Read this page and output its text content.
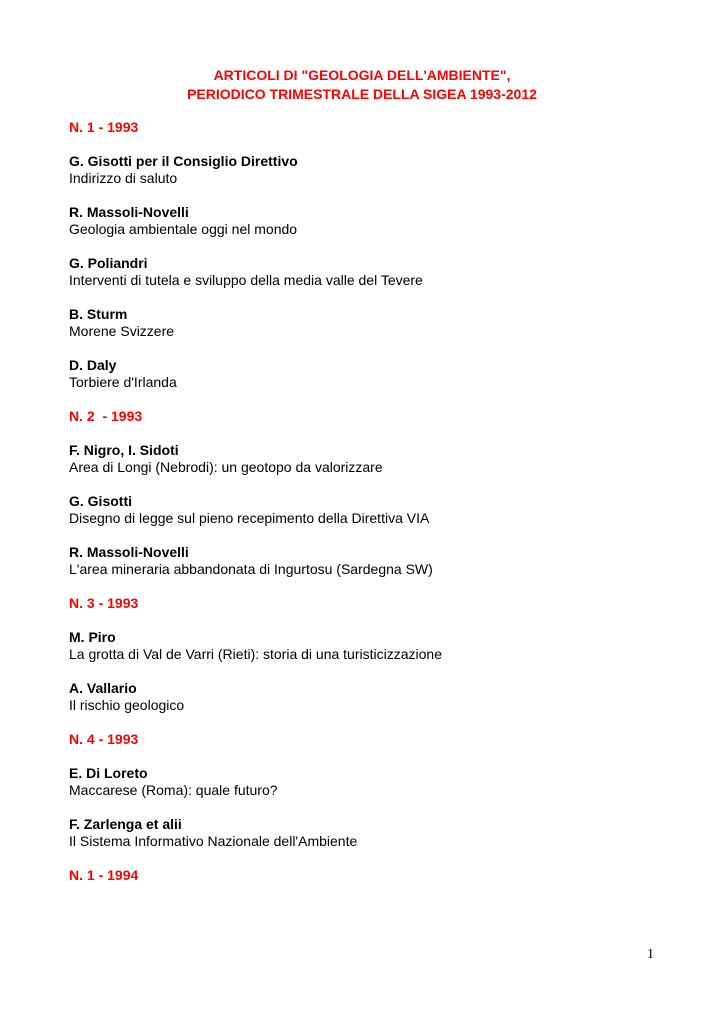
ARTICOLI DI "GEOLOGIA DELL'AMBIENTE",
PERIODICO TRIMESTRALE DELLA SIGEA 1993-2012
N. 1 - 1993
G. Gisotti per il Consiglio Direttivo
Indirizzo di saluto
R. Massoli-Novelli
Geologia ambientale oggi nel mondo
G. Poliandri
Interventi di tutela e sviluppo della media valle del Tevere
B. Sturm
Morene Svizzere
D. Daly
Torbiere d'Irlanda
N. 2  - 1993
F. Nigro, I. Sidoti
Area di Longi (Nebrodi): un geotopo da valorizzare
G. Gisotti
Disegno di legge sul pieno recepimento della Direttiva VIA
R. Massoli-Novelli
L'area mineraria abbandonata di Ingurtosu (Sardegna SW)
N. 3 - 1993
M. Piro
La grotta di Val de Varri (Rieti): storia di una turisticizzazione
A. Vallario
Il rischio geologico
N. 4 - 1993
E. Di Loreto
Maccarese (Roma): quale futuro?
F. Zarlenga et alii
Il Sistema Informativo Nazionale dell'Ambiente
N. 1 - 1994
1
